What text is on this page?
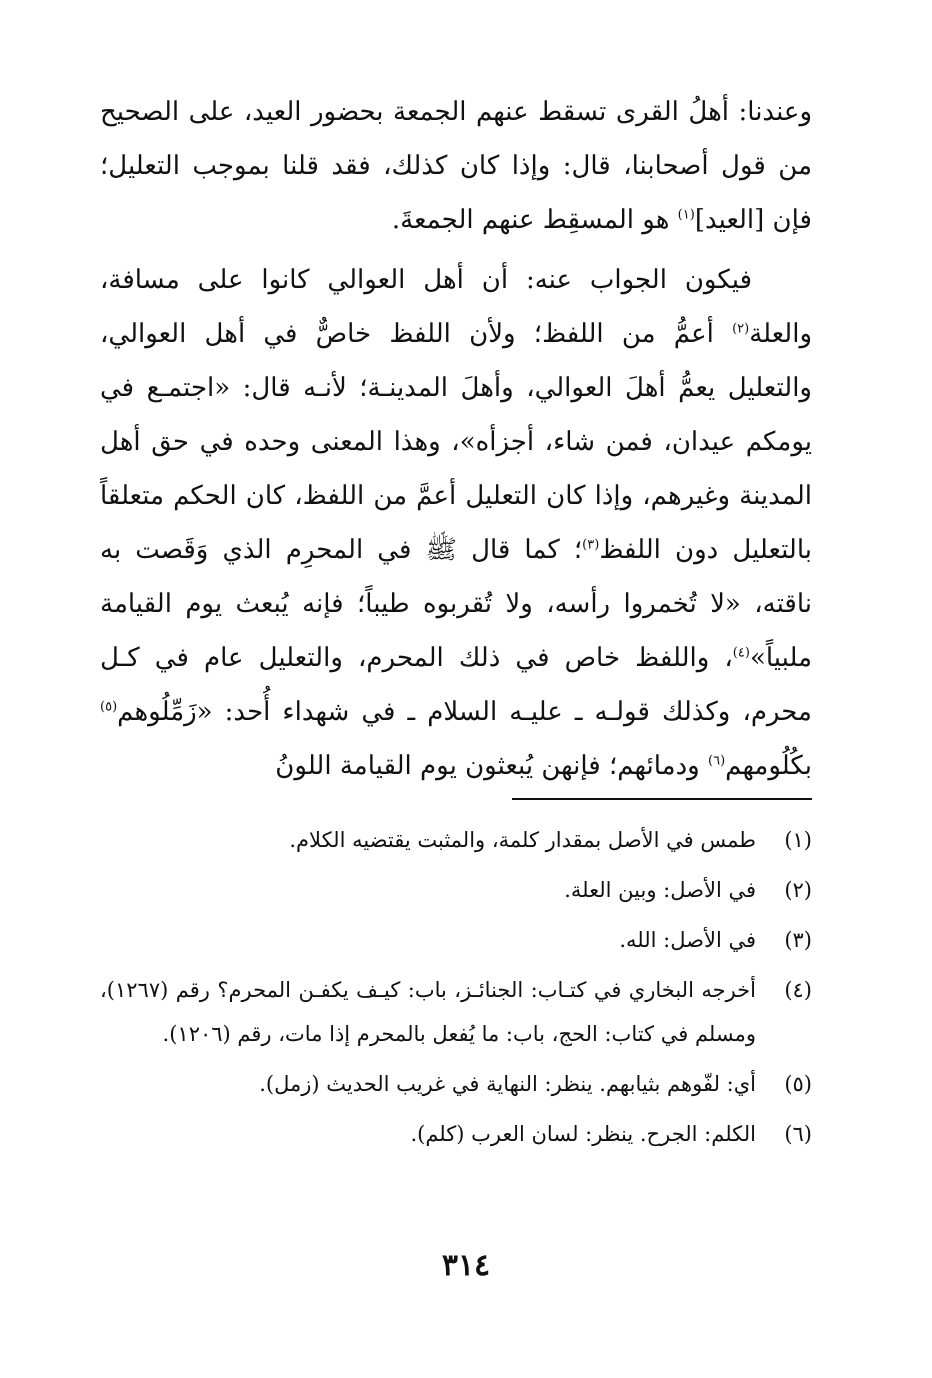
وعندنا: أهلُ القرى تسقط عنهم الجمعة بحضور العيد، على الصحيح من قول أصحابنا، قال: وإذا كان كذلك، فقد قلنا بموجب التعليل؛ فإن [العيد]$^{(١)}$ هو المسقِط عنهم الجمعةَ.

فيكون الجواب عنه: أن أهل العوالي كانوا على مسافة، والعلة$^{(٢)}$ أعمُّ من اللفظ؛ ولأن اللفظ خاصٌّ في أهل العوالي، والتعليل يعمُّ أهلَ العوالي، وأهلَ المدينـة؛ لأنـه قال: «اجتمـع في يومكم عيدان، فمن شاء، أجزأه»، وهذا المعنى وحده في حق أهل المدينة وغيرهم، وإذا كان التعليل أعمَّ من اللفظ، كان الحكم متعلقاً بالتعليل دون اللفظ$^{(٣)}$؛ كما قال ﷺ في المحرِم الذي وَقَصت به ناقته، «لا تُخمروا رأسه، ولا تُقربوه طيباً؛ فإنه يُبعث يوم القيامة ملبياً»$^{(٤)}$، واللفظ خاص في ذلك المحرم، والتعليل عام في كـل محرم، وكذلك قولـه ـ عليـه السلام ـ في شهداء أُحد: «زَمِّلُوهم$^{(٥)}$ بكُلُومهم$^{(٦)}$ ودمائهم؛ فإنهن يُبعثون يوم القيامة اللونُ

(١)
طمس في الأصل بمقدار كلمة، والمثبت يقتضيه الكلام.
(٢)
في الأصل: وبين العلة.
(٣)
في الأصل: الله.
(٤)
أخرجه البخاري في كتـاب: الجنائـز، باب: كيـف يكفـن المحرم؟ رقم (١٢٦٧)، ومسلم في كتاب: الحج، باب: ما يُفعل بالمحرم إذا مات، رقم (١٢٠٦).
(٥)
أي: لفّوهم بثيابهم. ينظر: النهاية في غريب الحديث (زمل).
(٦)
الكلم: الجرح. ينظر: لسان العرب (كلم).
٣١٤
